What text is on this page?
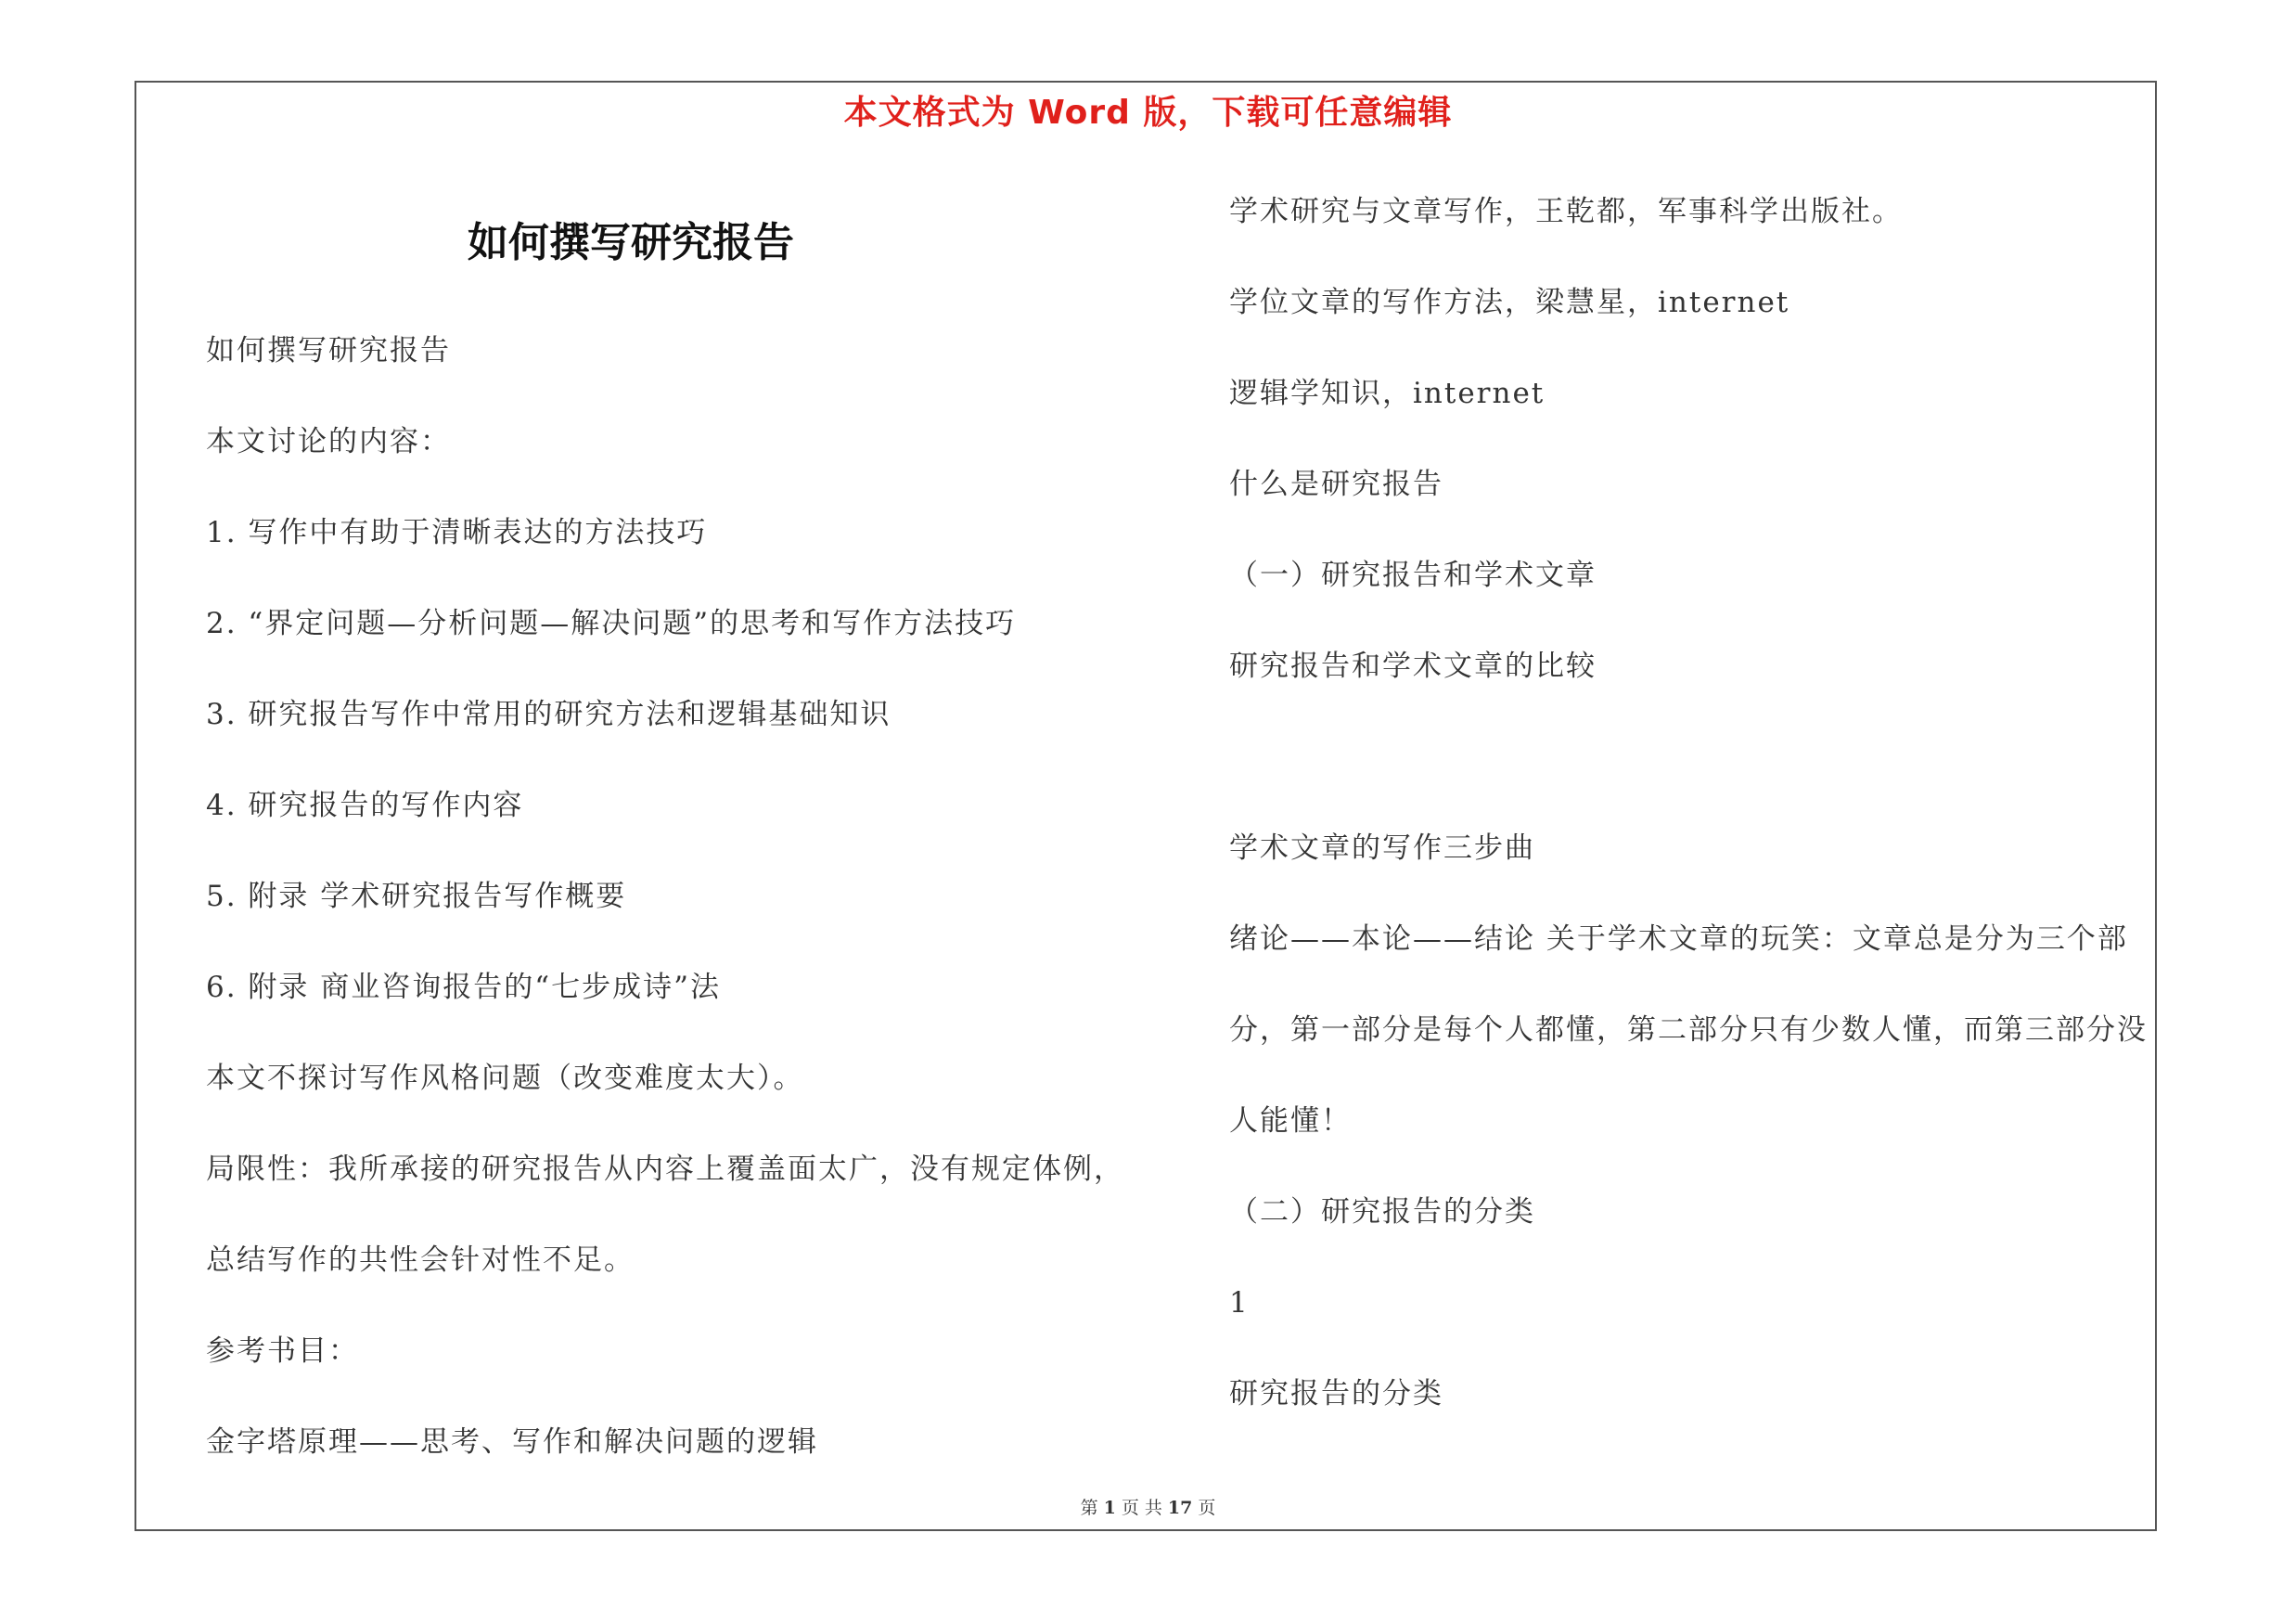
本文格式为 Word 版，下载可任意编辑
如何撰写研究报告
如何撰写研究报告
本文讨论的内容：
1. 写作中有助于清晰表达的方法技巧
2. “界定问题—分析问题—解决问题”的思考和写作方法技巧
3. 研究报告写作中常用的研究方法和逻辑基础知识
4. 研究报告的写作内容
5. 附录 学术研究报告写作概要
6. 附录 商业咨询报告的“七步成诗”法
本文不探讨写作风格问题（改变难度太大）。
局限性：我所承接的研究报告从内容上覆盖面太广，没有规定体例，
总结写作的共性会针对性不足。
参考书目：
金字塔原理——思考、写作和解决问题的逻辑
学术研究与文章写作，王乾都，军事科学出版社。
学位文章的写作方法，梁慧星，internet
逻辑学知识，internet
什么是研究报告
（一）研究报告和学术文章
研究报告和学术文章的比较
学术文章的写作三步曲
绪论——本论——结论 关于学术文章的玩笑：文章总是分为三个部
分，第一部分是每个人都懂，第二部分只有少数人懂，而第三部分没
人能懂！
（二）研究报告的分类
1
研究报告的分类
第 1 页 共 17 页
